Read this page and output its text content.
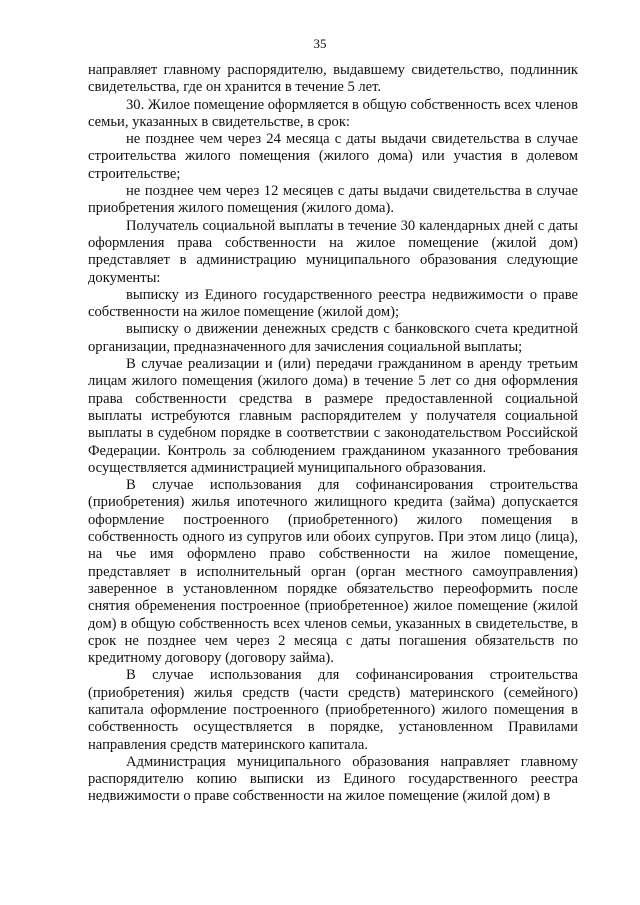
35

направляет главному распорядителю, выдавшему свидетельство, подлинник свидетельства, где он хранится в течение 5 лет.

30. Жилое помещение оформляется в общую собственность всех членов семьи, указанных в свидетельстве, в срок:

не позднее чем через 24 месяца с даты выдачи свидетельства в случае строительства жилого помещения (жилого дома) или участия в долевом строительстве;

не позднее чем через 12 месяцев с даты выдачи свидетельства в случае приобретения жилого помещения (жилого дома).

Получатель социальной выплаты в течение 30 календарных дней с даты оформления права собственности на жилое помещение (жилой дом) представляет в администрацию муниципального образования следующие документы:

выписку из Единого государственного реестра недвижимости о праве собственности на жилое помещение (жилой дом);

выписку о движении денежных средств с банковского счета кредитной организации, предназначенного для зачисления социальной выплаты;

В случае реализации и (или) передачи гражданином в аренду третьим лицам жилого помещения (жилого дома) в течение 5 лет со дня оформления права собственности средства в размере предоставленной социальной выплаты истребуются главным распорядителем у получателя социальной выплаты в судебном порядке в соответствии с законодательством Российской Федерации. Контроль за соблюдением гражданином указанного требования осуществляется администрацией муниципального образования.

В случае использования для софинансирования строительства (приобретения) жилья ипотечного жилищного кредита (займа) допускается оформление построенного (приобретенного) жилого помещения в собственность одного из супругов или обоих супругов. При этом лицо (лица), на чье имя оформлено право собственности на жилое помещение, представляет в исполнительный орган (орган местного самоуправления) заверенное в установленном порядке обязательство переоформить после снятия обременения построенное (приобретенное) жилое помещение (жилой дом) в общую собственность всех членов семьи, указанных в свидетельстве, в срок не позднее чем через 2 месяца с даты погашения обязательств по кредитному договору (договору займа).

В случае использования для софинансирования строительства (приобретения) жилья средств (части средств) материнского (семейного) капитала оформление построенного (приобретенного) жилого помещения в собственность осуществляется в порядке, установленном Правилами направления средств материнского капитала.

Администрация муниципального образования направляет главному распорядителю копию выписки из Единого государственного реестра недвижимости о праве собственности на жилое помещение (жилой дом) в
